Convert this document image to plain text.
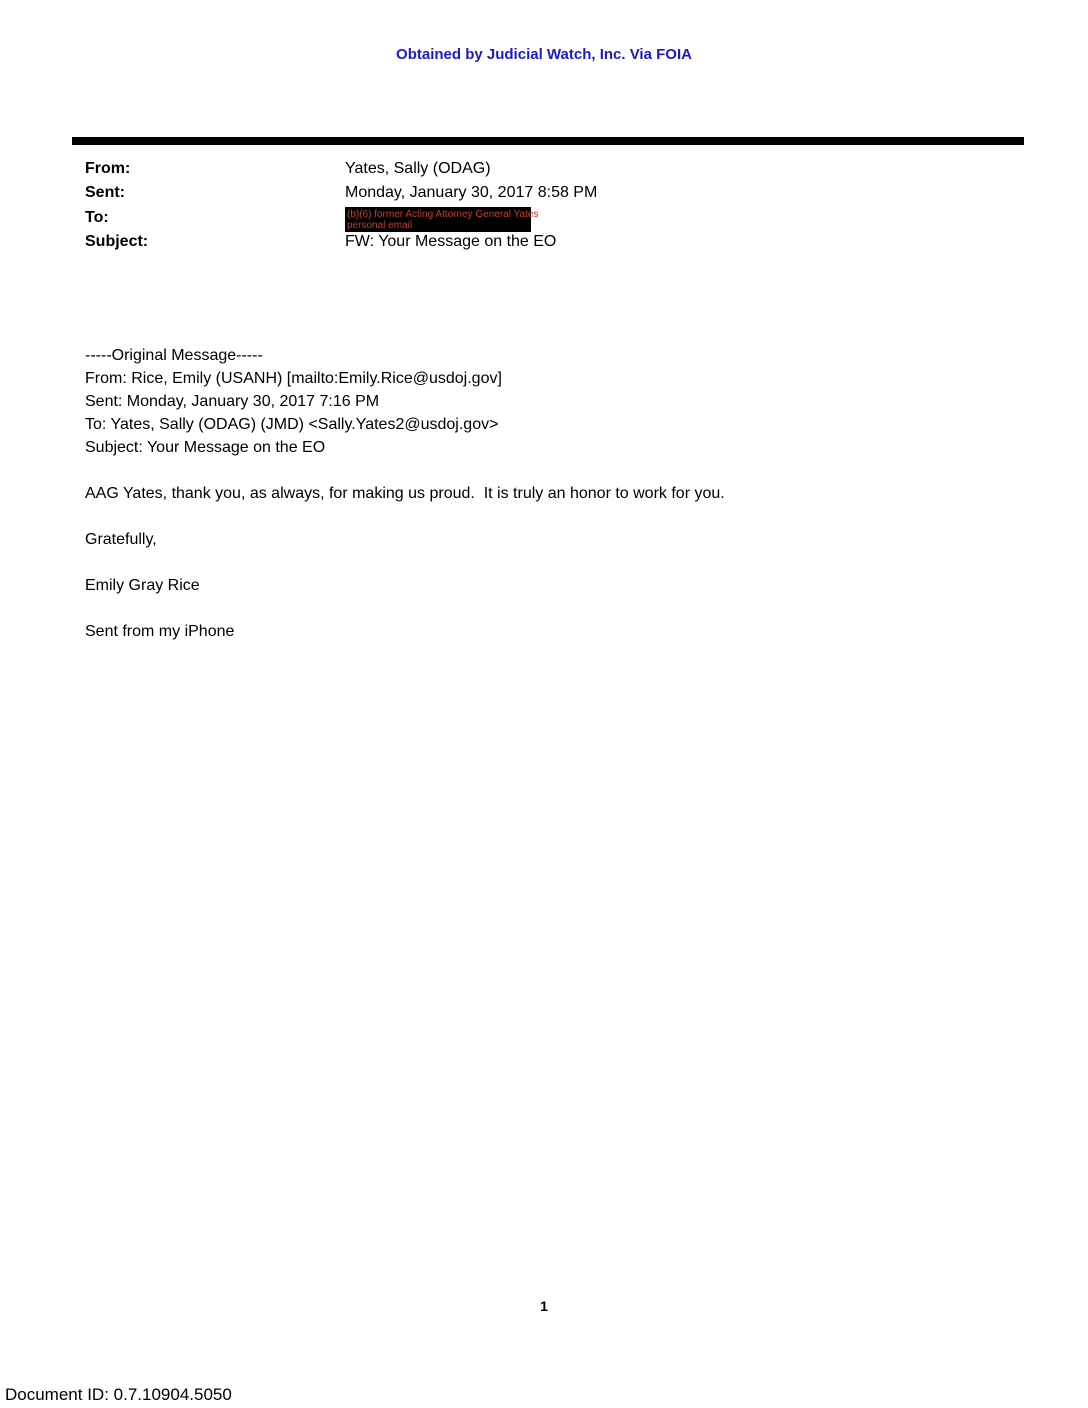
Obtained by Judicial Watch, Inc. Via FOIA
From:	Yates, Sally (ODAG)
Sent:	Monday, January 30, 2017 8:58 PM
To:	(b)(6) former Acting Attorney General Yates
personal email
Subject:	FW: Your Message on the EO
-----Original Message-----
From: Rice, Emily (USANH) [mailto:Emily.Rice@usdoj.gov]
Sent: Monday, January 30, 2017 7:16 PM
To: Yates, Sally (ODAG) (JMD) <Sally.Yates2@usdoj.gov>
Subject: Your Message on the EO
AAG Yates, thank you, as always, for making us proud.  It is truly an honor to work for you.
Gratefully,
Emily Gray Rice
Sent from my iPhone
1
Document ID: 0.7.10904.5050
